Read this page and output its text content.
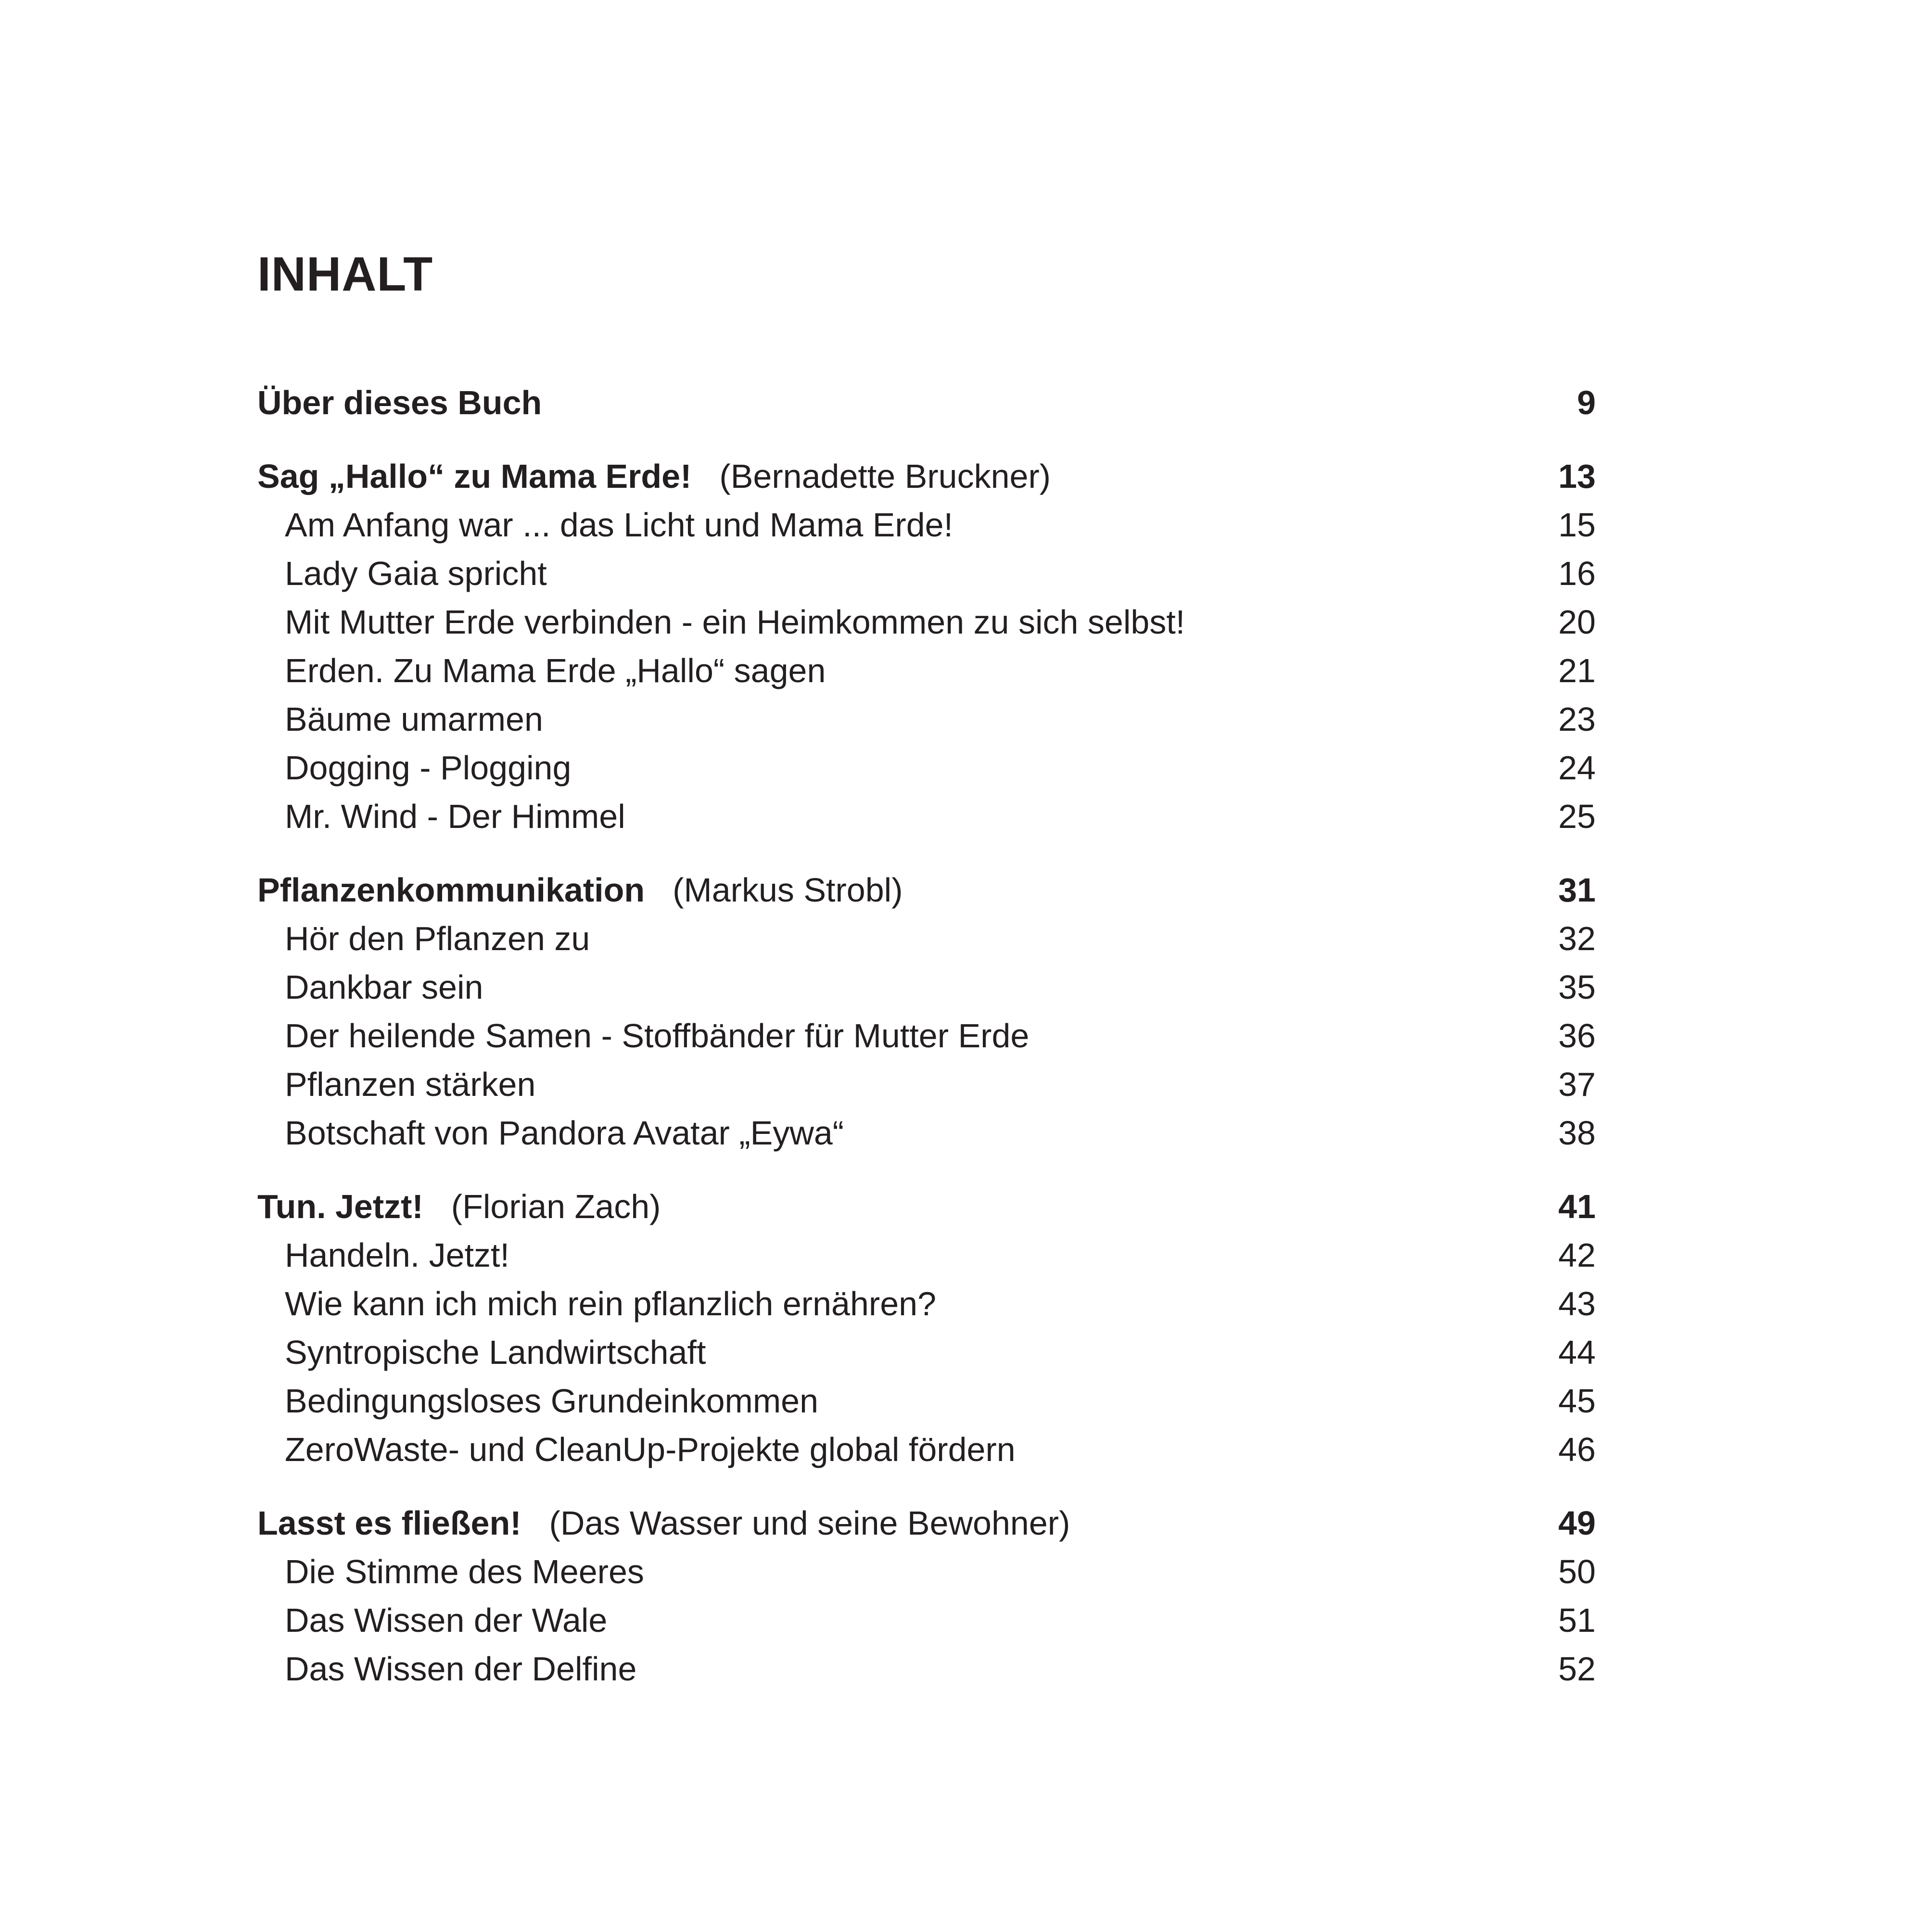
INHALT
Über dieses Buch	9
Sag „Hallo“ zu Mama Erde! (Bernadette Bruckner)	13
Am Anfang war ... das Licht und Mama Erde!	15
Lady Gaia spricht	16
Mit Mutter Erde verbinden - ein Heimkommen zu sich selbst!	20
Erden. Zu Mama Erde „Hallo“ sagen	21
Bäume umarmen	23
Dogging - Plogging	24
Mr. Wind - Der Himmel	25
Pflanzenkommunikation (Markus Strobl)	31
Hör den Pflanzen zu	32
Dankbar sein	35
Der heilende Samen - Stoffbänder für Mutter Erde	36
Pflanzen stärken	37
Botschaft von Pandora Avatar „Eywa“	38
Tun. Jetzt! (Florian Zach)	41
Handeln. Jetzt!	42
Wie kann ich mich rein pflanzlich ernähren?	43
Syntropische Landwirtschaft	44
Bedingungsloses Grundeinkommen	45
ZeroWaste- und CleanUp-Projekte global fördern	46
Lasst es fließen! (Das Wasser und seine Bewohner)	49
Die Stimme des Meeres	50
Das Wissen der Wale	51
Das Wissen der Delfine	52
